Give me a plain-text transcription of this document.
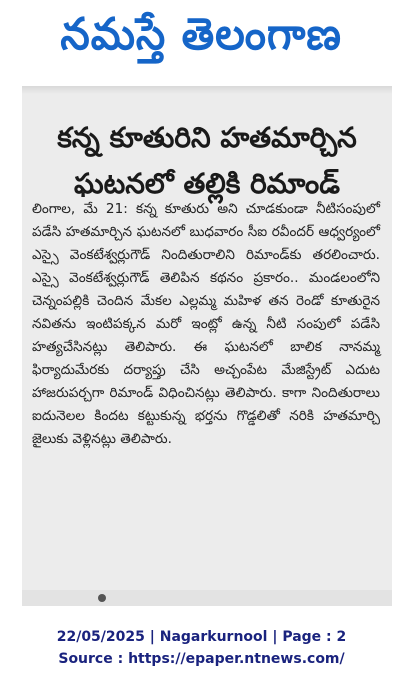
నమస్తే తెలంగాణ
కన్న కూతురిని హతమార్చిన
ఘటనలో తల్లికి రిమాండ్

లింగాల, మే 21: కన్న కూతురు అని చూడకుండా నీటిసంపులో పడేసి హతమార్చిన ఘటనలో బుధవారం సీఐ రవీందర్ ఆధ్వర్యంలో ఎస్సై వెంకటేశ్వర్లుగౌడ్ నిందితురాలిని రిమాండ్‌కు తరలించారు. ఎస్సై వెంకటేశ్వర్లుగౌడ్ తెలిపిన కథనం ప్రకారం.. మండలంలోని చెన్నంపల్లికి చెందిన మేకల ఎల్లమ్మ మహిళ తన రెండో కూతురైన నవితను ఇంటిపక్కన మరో ఇంట్లో ఉన్న నీటి సంపులో పడేసి హత్యచేసినట్లు తెలిపారు. ఈ ఘటనలో బాలిక నానమ్మ ఫిర్యాదుమేరకు దర్యాప్తు చేసి అచ్చంపేట మేజిస్ట్రేట్ ఎదుట హాజరుపర్చగా రిమాండ్ విధించినట్లు తెలిపారు. కాగా నిందితురాలు ఐదునెలల కిందట కట్టుకున్న భర్తను గొడ్డలితో నరికి హతమార్చి జైలుకు వెళ్లినట్లు తెలిపారు.

22/05/2025 | Nagarkurnool | Page : 2
Source : https://epaper.ntnews.com/
